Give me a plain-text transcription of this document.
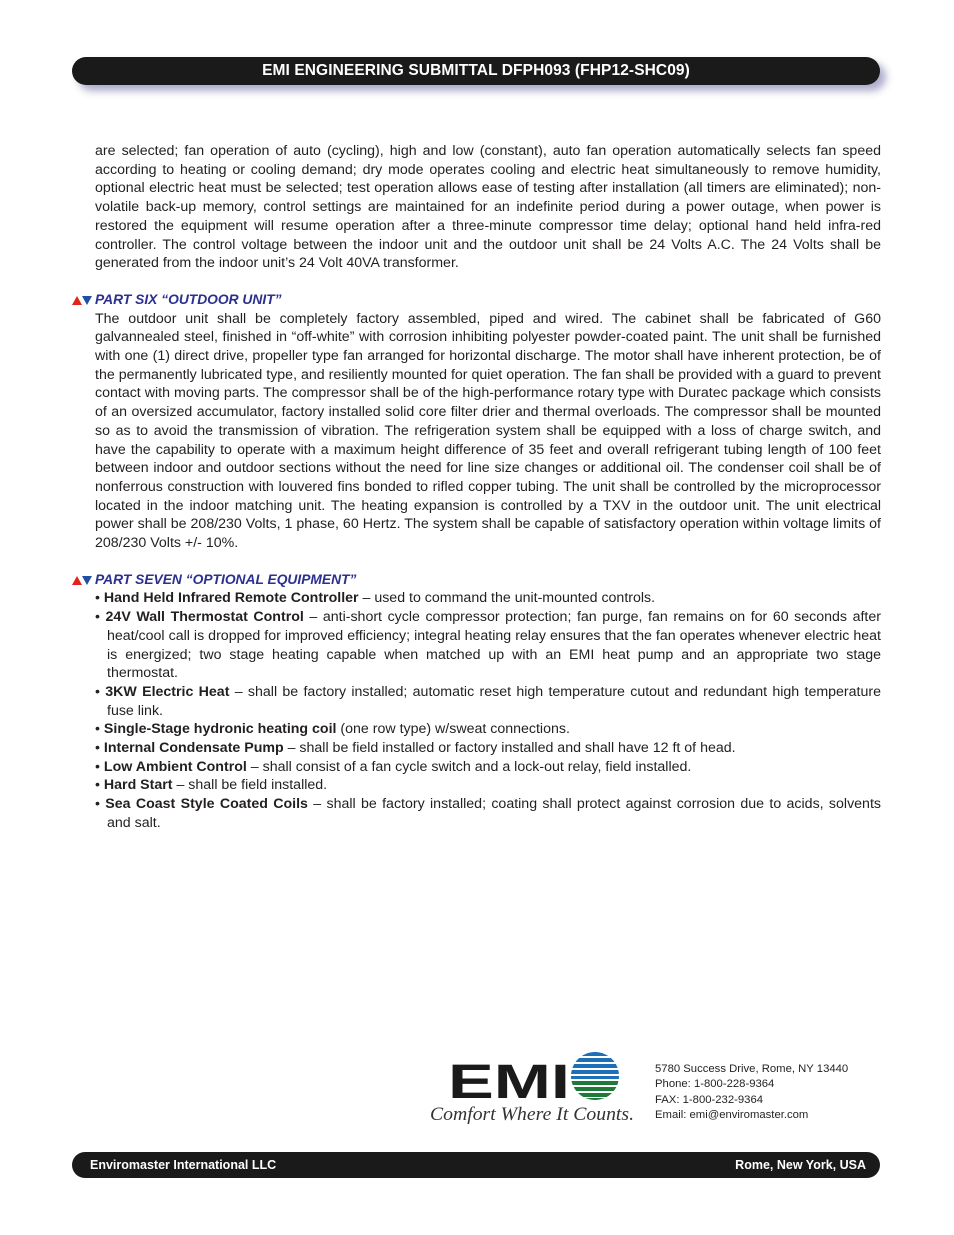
EMI ENGINEERING SUBMITTAL DFPH093 (FHP12-SHC09)

are selected; fan operation of auto (cycling), high and low (constant), auto fan operation automatically selects fan speed according to heating or cooling demand; dry mode operates cooling and electric heat simultaneously to remove humidity, optional electric heat must be selected; test operation allows ease of testing after installation (all timers are eliminated); non-volatile back-up memory, control settings are maintained for an indefinite period during a power outage, when power is restored the equipment will resume operation after a three-minute compressor time delay; optional hand held infra-red controller. The control voltage between the indoor unit and the outdoor unit shall be 24 Volts A.C. The 24 Volts shall be generated from the indoor unit’s 24 Volt 40VA transformer.

PART SIX “OUTDOOR UNIT”

The outdoor unit shall be completely factory assembled, piped and wired. The cabinet shall be fabricated of G60 galvannealed steel, finished in “off-white” with corrosion inhibiting polyester powder-coated paint. The unit shall be furnished with one (1) direct drive, propeller type fan arranged for horizontal discharge. The motor shall have inherent protection, be of the permanently lubricated type, and resiliently mounted for quiet operation. The fan shall be provided with a guard to prevent contact with moving parts. The compressor shall be of the high-performance rotary type with Duratec package which consists of an oversized accumulator, factory installed solid core filter drier and thermal overloads. The compressor shall be mounted so as to avoid the transmission of vibration. The refrigeration system shall be equipped with a loss of charge switch, and have the capability to operate with a maximum height difference of 35 feet and overall refrigerant tubing length of 100 feet between indoor and outdoor sections without the need for line size changes or additional oil. The condenser coil shall be of nonferrous construction with louvered fins bonded to rifled copper tubing. The unit shall be controlled by the microprocessor located in the indoor matching unit. The heating expansion is controlled by a TXV in the outdoor unit. The unit electrical power shall be 208/230 Volts, 1 phase, 60 Hertz. The system shall be capable of satisfactory operation within voltage limits of 208/230 Volts +/- 10%.

PART SEVEN “OPTIONAL EQUIPMENT”
• Hand Held Infrared Remote Controller – used to command the unit-mounted controls.
• 24V Wall Thermostat Control – anti-short cycle compressor protection; fan purge, fan remains on for 60 seconds after heat/cool call is dropped for improved efficiency; integral heating relay ensures that the fan operates whenever electric heat is energized; two stage heating capable when matched up with an EMI heat pump and an appropriate two stage thermostat.
• 3KW Electric Heat – shall be factory installed; automatic reset high temperature cutout and redundant high temperature fuse link.
• Single-Stage hydronic heating coil (one row type) w/sweat connections.
• Internal Condensate Pump – shall be field installed or factory installed and shall have 12 ft of head.
• Low Ambient Control – shall consist of a fan cycle switch and a lock-out relay, field installed.
• Hard Start – shall be field installed.
• Sea Coast Style Coated Coils – shall be factory installed; coating shall protect against corrosion due to acids, solvents and salt.
EMI
Comfort Where It Counts.
5780 Success Drive, Rome, NY 13440
Phone: 1-800-228-9364
FAX: 1-800-232-9364
Email: emi@enviromaster.com
Enviromaster International LLC	Rome, New York, USA
